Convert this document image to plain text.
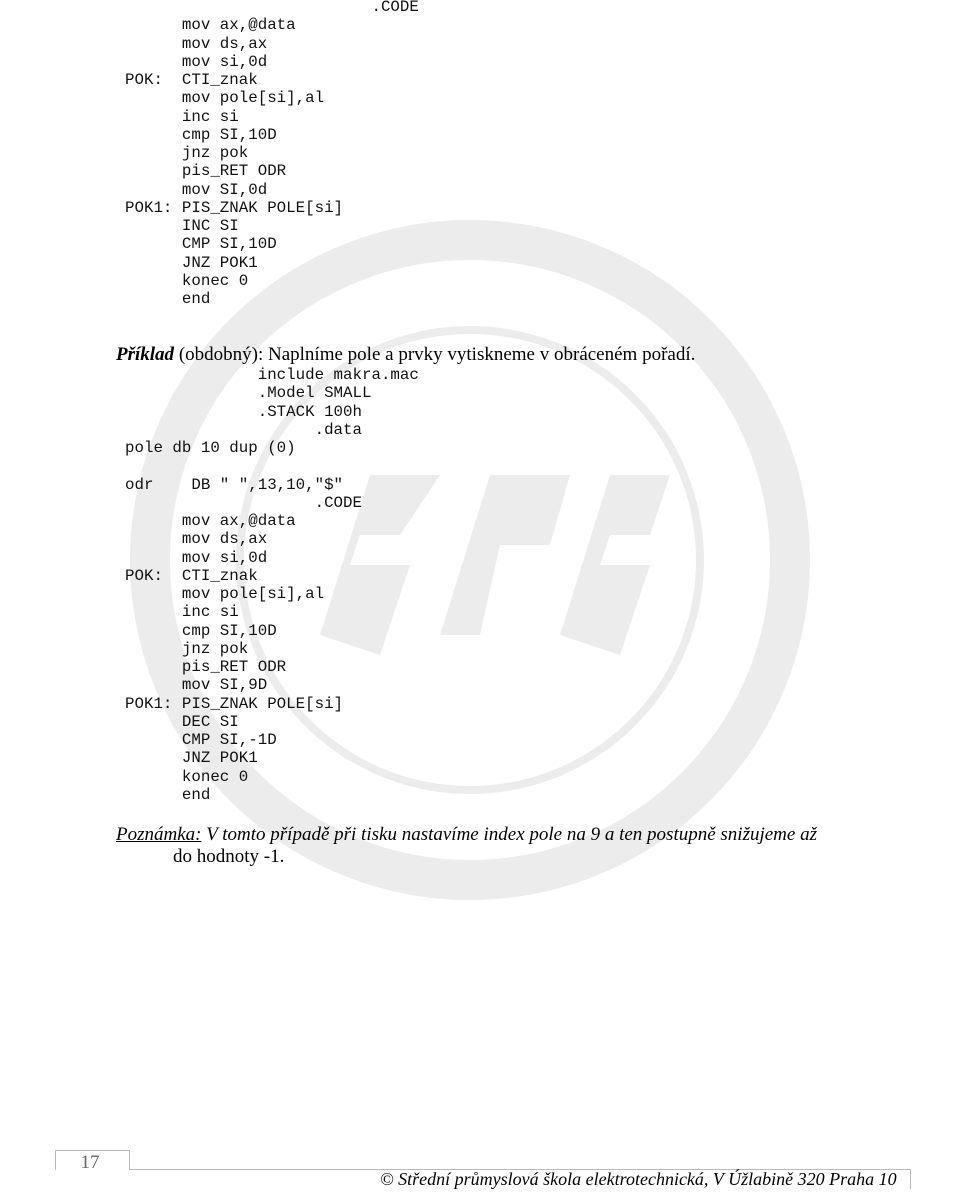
.CODE
mov ax,@data
mov ds,ax
mov si,0d
POK:  CTI_znak
mov pole[si],al
inc si
cmp SI,10D
jnz pok
pis_RET ODR
mov SI,0d
POK1: PIS_ZNAK POLE[si]
INC SI
CMP SI,10D
JNZ POK1
konec 0
end
Příklad (obdobný): Naplníme pole a prvky vytiskneme v obráceném pořadí.
include makra.mac
.Model SMALL
.STACK 100h
.data
pole db 10 dup (0)

odr    DB " ",13,10,"$"
.CODE
mov ax,@data
mov ds,ax
mov si,0d
POK:  CTI_znak
mov pole[si],al
inc si
cmp SI,10D
jnz pok
pis_RET ODR
mov SI,9D
POK1: PIS_ZNAK POLE[si]
DEC SI
CMP SI,-1D
JNZ POK1
konec 0
end
Poznámka: V tomto případě při tisku nastavíme index pole na 9 a ten postupně snižujeme až
do hodnoty -1.
17
© Střední průmyslová škola elektrotechnická, V Úžlabině 320 Praha 10
